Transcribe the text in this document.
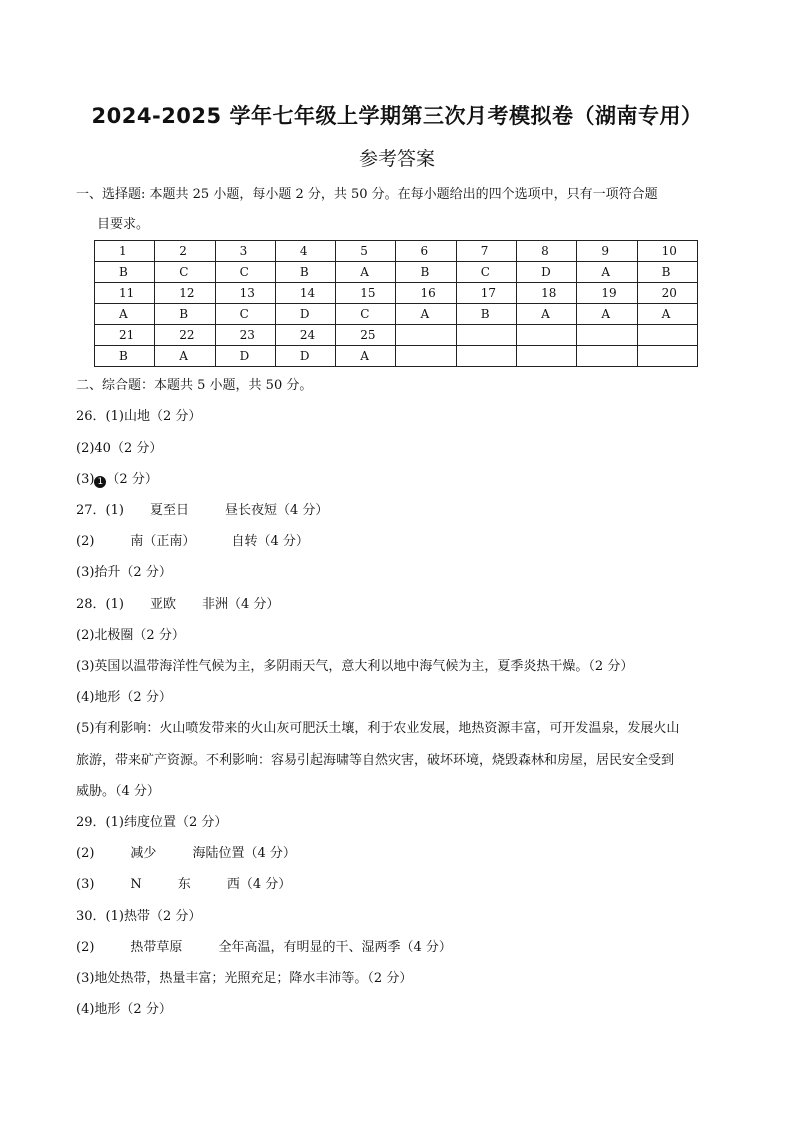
2024-2025 学年七年级上学期第三次月考模拟卷（湖南专用）
参考答案
一、选择题: 本题共 25 小题，每小题 2 分，共 50 分。在每小题给出的四个选项中，只有一项符合题
目要求。
1	2	3	4	5	6	7	8	9	10
B	C	C	B	A	B	C	D	A	B
11	12	13	14	15	16	17	18	19	20
A	B	C	D	C	A	B	A	A	A
21	22	23	24	25					
B	A	D	D	A					
二、综合题：本题共 5 小题，共 50 分。
26．(1)山地（2 分）
(2)40（2 分）
(3) 1 （2 分）
27．(1) 夏至日	昼长夜短（4 分）
(2)	南（正南）	自转（4 分）
(3)抬升（2 分）
28．(1) 亚欧 非洲（4 分）
(2)北极圈（2 分）
(3)英国以温带海洋性气候为主，多阴雨天气，意大利以地中海气候为主，夏季炎热干燥。（2 分）
(4)地形（2 分）
(5)有利影响：火山喷发带来的火山灰可肥沃土壤，利于农业发展，地热资源丰富，可开发温泉，发展火山
旅游，带来矿产资源。不利影响：容易引起海啸等自然灾害，破坏环境，烧毁森林和房屋，居民安全受到
威胁。（4 分）
29．(1)纬度位置（2 分）
(2)	减少	海陆位置（4 分）
(3)	N	东	西（4 分）
30．(1)热带（2 分）
(2)	热带草原	全年高温，有明显的干、湿两季（4 分）
(3)地处热带，热量丰富；光照充足；降水丰沛等。（2 分）
(4)地形（2 分）
